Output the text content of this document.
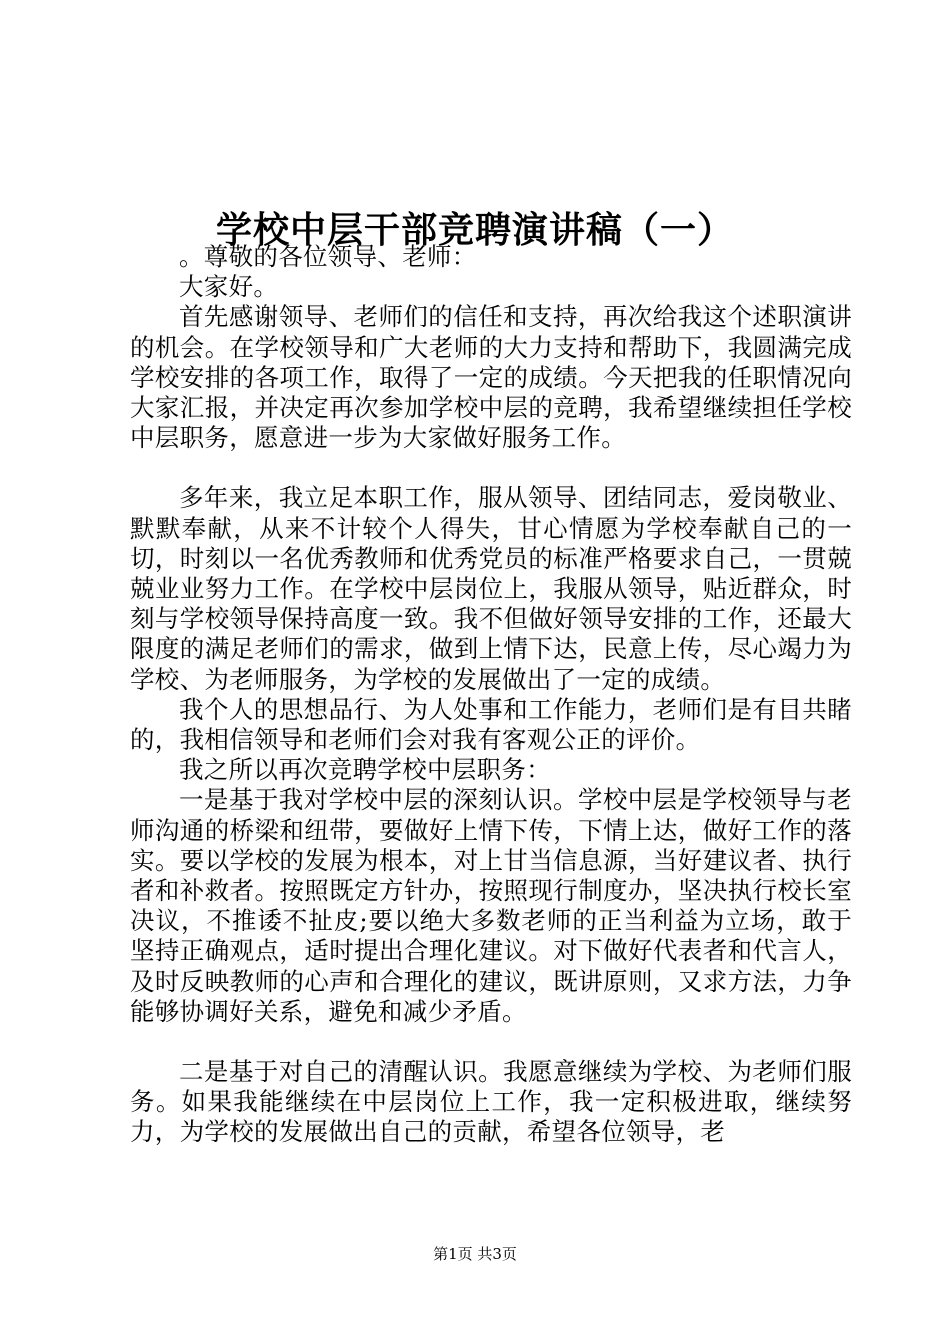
学校中层干部竞聘演讲稿（一）

。尊敬的各位领导、老师：

大家好。

首先感谢领导、老师们的信任和支持，再次给我这个述职演讲的机会。在学校领导和广大老师的大力支持和帮助下，我圆满完成学校安排的各项工作，取得了一定的成绩。今天把我的任职情况向大家汇报，并决定再次参加学校中层的竞聘，我希望继续担任学校中层职务，愿意进一步为大家做好服务工作。

多年来，我立足本职工作，服从领导、团结同志，爱岗敬业、默默奉献，从来不计较个人得失，甘心情愿为学校奉献自己的一切，时刻以一名优秀教师和优秀党员的标准严格要求自己，一贯兢兢业业努力工作。在学校中层岗位上，我服从领导，贴近群众，时刻与学校领导保持高度一致。我不但做好领导安排的工作，还最大限度的满足老师们的需求，做到上情下达，民意上传，尽心竭力为学校、为老师服务，为学校的发展做出了一定的成绩。

我个人的思想品行、为人处事和工作能力，老师们是有目共睹的，我相信领导和老师们会对我有客观公正的评价。

我之所以再次竞聘学校中层职务：

一是基于我对学校中层的深刻认识。学校中层是学校领导与老师沟通的桥梁和纽带，要做好上情下传，下情上达，做好工作的落实。要以学校的发展为根本，对上甘当信息源，当好建议者、执行者和补救者。按照既定方针办，按照现行制度办，坚决执行校长室决议，不推诿不扯皮;要以绝大多数老师的正当利益为立场，敢于坚持正确观点，适时提出合理化建议。对下做好代表者和代言人，及时反映教师的心声和合理化的建议，既讲原则，又求方法，力争能够协调好关系，避免和减少矛盾。

二是基于对自己的清醒认识。我愿意继续为学校、为老师们服务。如果我能继续在中层岗位上工作，我一定积极进取，继续努力，为学校的发展做出自己的贡献，希望各位领导，老

第1页 共3页
